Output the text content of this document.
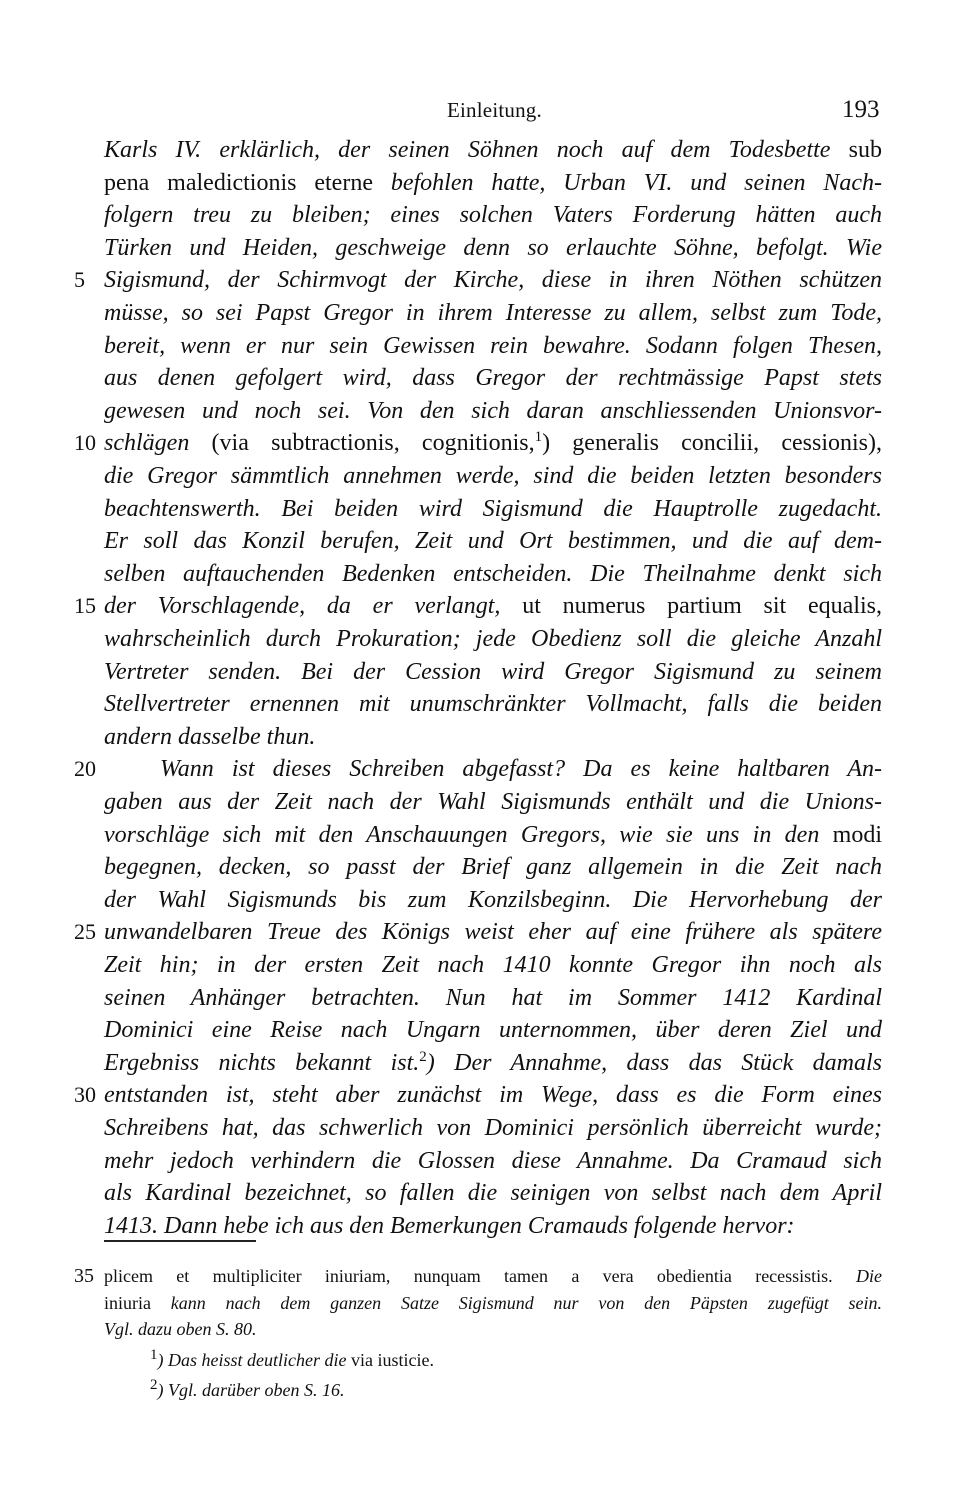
Einleitung.	193
Karls IV. erklärlich, der seinen Söhnen noch auf dem Todesbette sub
pena maledictionis eterne befohlen hatte, Urban VI. und seinen Nach-
folgern treu zu bleiben; eines solchen Vaters Forderung hätten auch
Türken und Heiden, geschweige denn so erlauchte Söhne, befolgt. Wie
5 Sigismund, der Schirmvogt der Kirche, diese in ihren Nöthen schützen
müsse, so sei Papst Gregor in ihrem Interesse zu allem, selbst zum Tode,
bereit, wenn er nur sein Gewissen rein bewahre. Sodann folgen Thesen,
aus denen gefolgert wird, dass Gregor der rechtmässige Papst stets
gewesen und noch sei. Von den sich daran anschliessenden Unionsvor-
10 schlägen (via subtractionis, cognitionis,$^1$) generalis concilii, cessionis),
die Gregor sämmtlich annehmen werde, sind die beiden letzten besonders
beachtenswerth. Bei beiden wird Sigismund die Hauptrolle zugedacht.
Er soll das Konzil berufen, Zeit und Ort bestimmen, und die auf dem-
selben auftauchenden Bedenken entscheiden. Die Theilnahme denkt sich
15 der Vorschlagende, da er verlangt, ut numerus partium sit equalis,
wahrscheinlich durch Prokuration; jede Obedienz soll die gleiche Anzahl
Vertreter senden. Bei der Cession wird Gregor Sigismund zu seinem
Stellvertreter ernennen mit unumschränkter Vollmacht, falls die beiden
andern dasselbe thun.
20	Wann ist dieses Schreiben abgefasst? Da es keine haltbaren An-
gaben aus der Zeit nach der Wahl Sigismunds enthält und die Unions-
vorschläge sich mit den Anschauungen Gregors, wie sie uns in den modi
begegnen, decken, so passt der Brief ganz allgemein in die Zeit nach
der Wahl Sigismunds bis zum Konzilsbeginn. Die Hervorhebung der
25 unwandelbaren Treue des Königs weist eher auf eine frühere als spätere
Zeit hin; in der ersten Zeit nach 1410 konnte Gregor ihn noch als
seinen Anhänger betrachten. Nun hat im Sommer 1412 Kardinal
Dominici eine Reise nach Ungarn unternommen, über deren Ziel und
Ergebniss nichts bekannt ist.$^2$) Der Annahme, dass das Stück damals
30 entstanden ist, steht aber zunächst im Wege, dass es die Form eines
Schreibens hat, das schwerlich von Dominici persönlich überreicht wurde;
mehr jedoch verhindern die Glossen diese Annahme. Da Cramaud sich
als Kardinal bezeichnet, so fallen die seinigen von selbst nach dem April
1413. Dann hebe ich aus den Bemerkungen Cramauds folgende hervor:
35 plicem et multipliciter iniuriam, nunquam tamen a vera obedientia recessistis. Die
iniuria kann nach dem ganzen Satze Sigismund nur von den Päpsten zugefügt sein.
Vgl. dazu oben S. 80.
$^1$) Das heisst deutlicher die via iusticie.
$^2$) Vgl. darüber oben S. 16.
